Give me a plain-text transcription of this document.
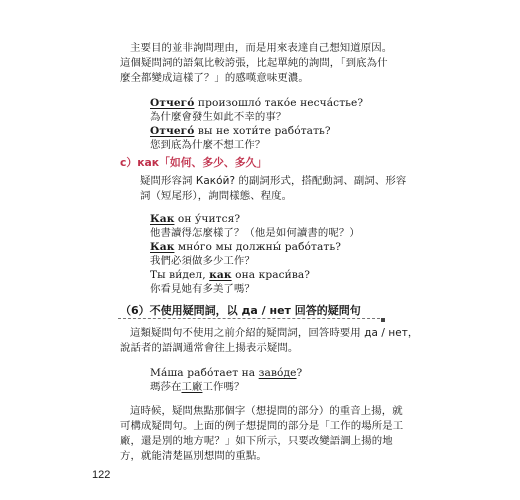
主要目的並非詢問理由，而是用來表達自己想知道原因。
這個疑問詞的語氣比較誇張，比起單純的詢問，「到底為什
麼全都變成這樣了？」的感嘆意味更濃。
Отчего́ произошло́ тако́е несча́стье?
為什麼會發生如此不幸的事？
Отчего́ вы не хоти́те рабо́тать?
您到底為什麼不想工作？
c）как「如何、多少、多久」
疑問形容詞 Како́й? 的副詞形式，搭配動詞、副詞、形容
詞（短尾形），詢問樣態、程度。
Как он у́чится?
他書讀得怎麼樣了？（他是如何讀書的呢？）
Как мно́го мы должны́ рабо́тать?
我們必須做多少工作？
Ты ви́дел, как она краси́ва?
你看見她有多美了嗎？
（6）不使用疑問詞，以 да / нет 回答的疑問句
這類疑問句不使用之前介紹的疑問詞，回答時要用 да / нет，
說話者的語調通常會往上揚表示疑問。
Ма́ша рабо́тает на заво́де?
瑪莎在工廠工作嗎？
這時候，疑問焦點那個字（想提問的部分）的重音上揚，就
可構成疑問句。上面的例子想提問的部分是「工作的場所是工
廠，還是別的地方呢？」如下所示，只要改變語調上揚的地
方，就能清楚區別想問的重點。
122
